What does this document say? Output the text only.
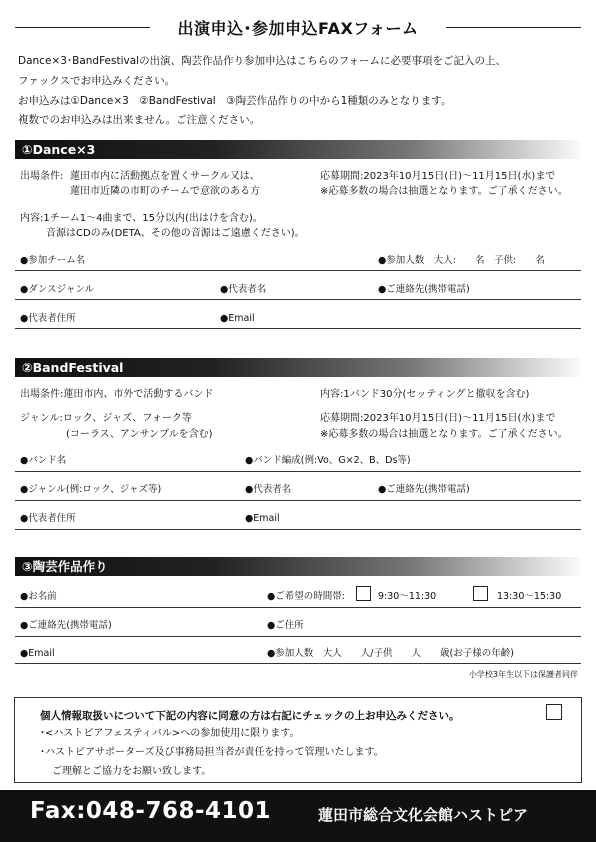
出演申込･参加申込FAXフォーム
Dance×3･BandFestivalの出演、陶芸作品作り参加申込はこちらのフォームに必要事項をご記入の上、
ファックスでお申込みください。
お申込みは①Dance×3　②BandFestival　③陶芸作品作りの中から1種類のみとなります。
複数でのお申込みは出来ません。ご注意ください。
①Dance×3
出場条件: 蓮田市内に活動拠点を置くサークル又は、
蓮田市近隣の市町のチームで意欲のある方
応募期間:2023年10月15日(日)～11月15日(水)まで
※応募多数の場合は抽選となります。ご了承ください。
内容:1チーム1～4曲まで、15分以内(出はけを含む)。
音源はCDのみ(DETA、その他の音源はご遠慮ください)。
●参加チーム名	●参加人数　大人:　　名　子供:　　名
●ダンスジャンル	●代表者名	●ご連絡先(携帯電話)
●代表者住所	●Email
②BandFestival
出場条件:蓮田市内、市外で活動するバンド	内容:1バンド30分(セッティングと撤収を含む)
ジャンル:ロック、ジャズ、フォーク等
(コーラス、アンサンブルを含む)
応募期間:2023年10月15日(日)～11月15日(水)まで
※応募多数の場合は抽選となります。ご了承ください。
●バンド名	●バンド編成(例:Vo、G×2、B、Ds等)
●ジャンル(例:ロック、ジャズ等)	●代表者名	●ご連絡先(携帯電話)
●代表者住所	●Email
③陶芸作品作り
●お名前	●ご希望の時間帯:	9:30～11:30	13:30～15:30
●ご連絡先(携帯電話)	●ご住所
●Email	●参加人数　大人　　人/子供　　人　　歳(お子様の年齢)
小学校3年生以下は保護者同伴
個人情報取扱いについて下記の内容に同意の方は右記にチェックの上お申込みください。
･<ハストピアフェスティバル>への参加使用に限ります。
･ハストピアサポーターズ及び事務局担当者が責任を持って管理いたします。
ご理解とご協力をお願い致します。
Fax:048-768-4101	蓮田市総合文化会館ハストピア
